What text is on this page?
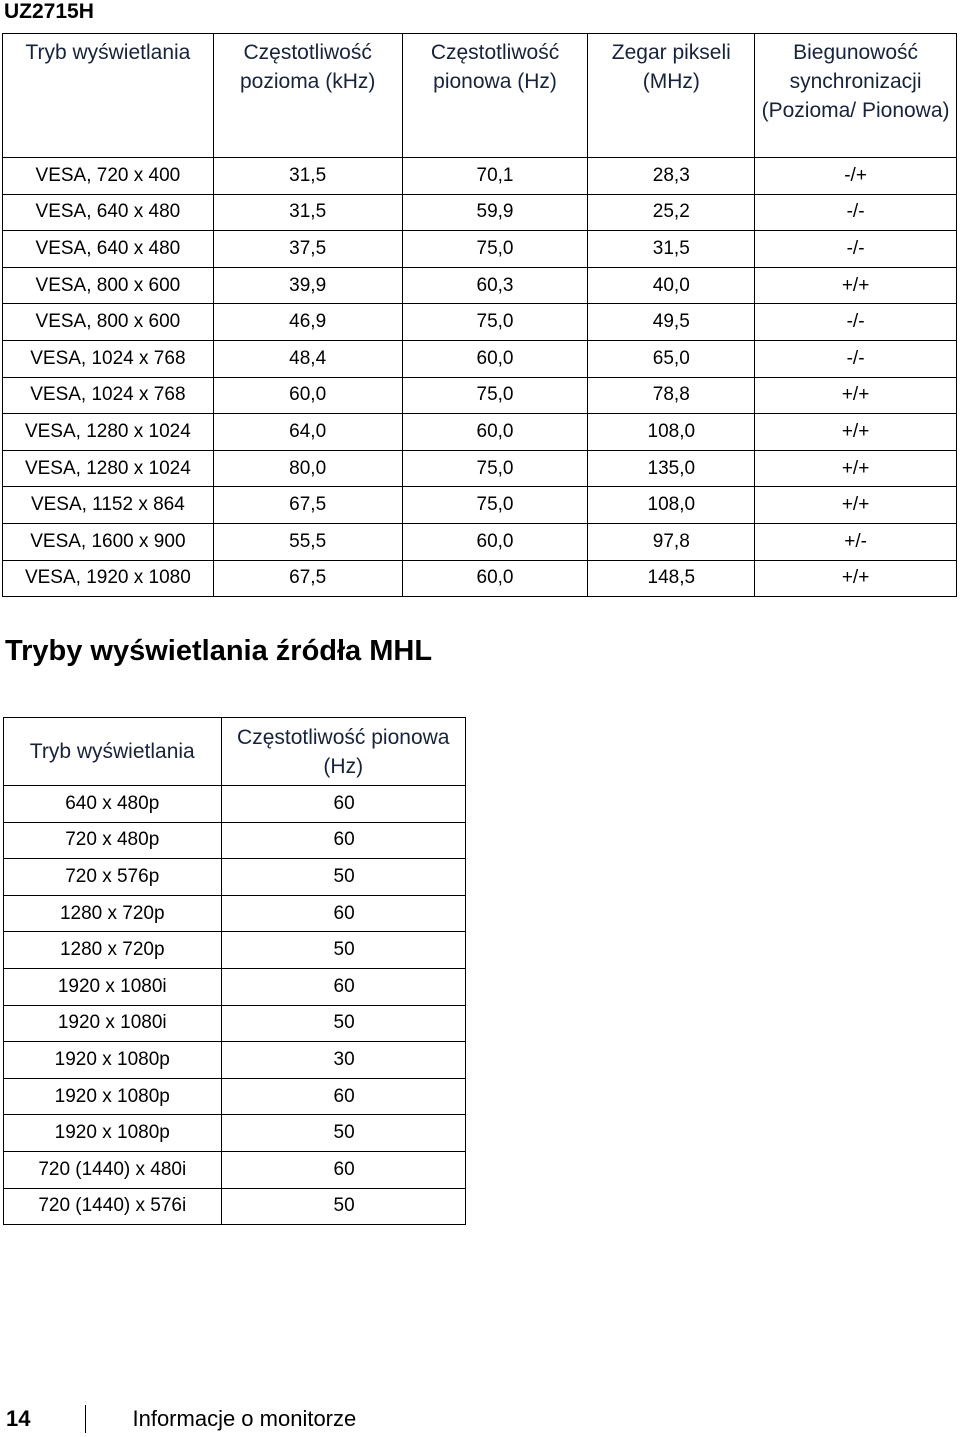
UZ2715H
Tryb wyświetlania	Częstotliwość pozioma (kHz)	Częstotliwość pionowa (Hz)	Zegar pikseli (MHz)	Biegunowość synchronizacji (Pozioma/ Pionowa)
VESA, 720 x 400	31,5	70,1	28,3	-/+
VESA, 640 x 480	31,5	59,9	25,2	-/-
VESA, 640 x 480	37,5	75,0	31,5	-/-
VESA, 800 x 600	39,9	60,3	40,0	+/+
VESA, 800 x 600	46,9	75,0	49,5	-/-
VESA, 1024 x 768	48,4	60,0	65,0	-/-
VESA, 1024 x 768	60,0	75,0	78,8	+/+
VESA, 1280 x 1024	64,0	60,0	108,0	+/+
VESA, 1280 x 1024	80,0	75,0	135,0	+/+
VESA, 1152 x 864	67,5	75,0	108,0	+/+
VESA, 1600 x 900	55,5	60,0	97,8	+/-
VESA, 1920 x 1080	67,5	60,0	148,5	+/+
Tryby wyświetlania źródła MHL
Tryb wyświetlania	Częstotliwość pionowa (Hz)
640 x 480p	60
720 x 480p	60
720 x 576p	50
1280 x 720p	60
1280 x 720p	50
1920 x 1080i	60
1920 x 1080i	50
1920 x 1080p	30
1920 x 1080p	60
1920 x 1080p	50
720 (1440) x 480i	60
720 (1440) x 576i	50
14	Informacje o monitorze
